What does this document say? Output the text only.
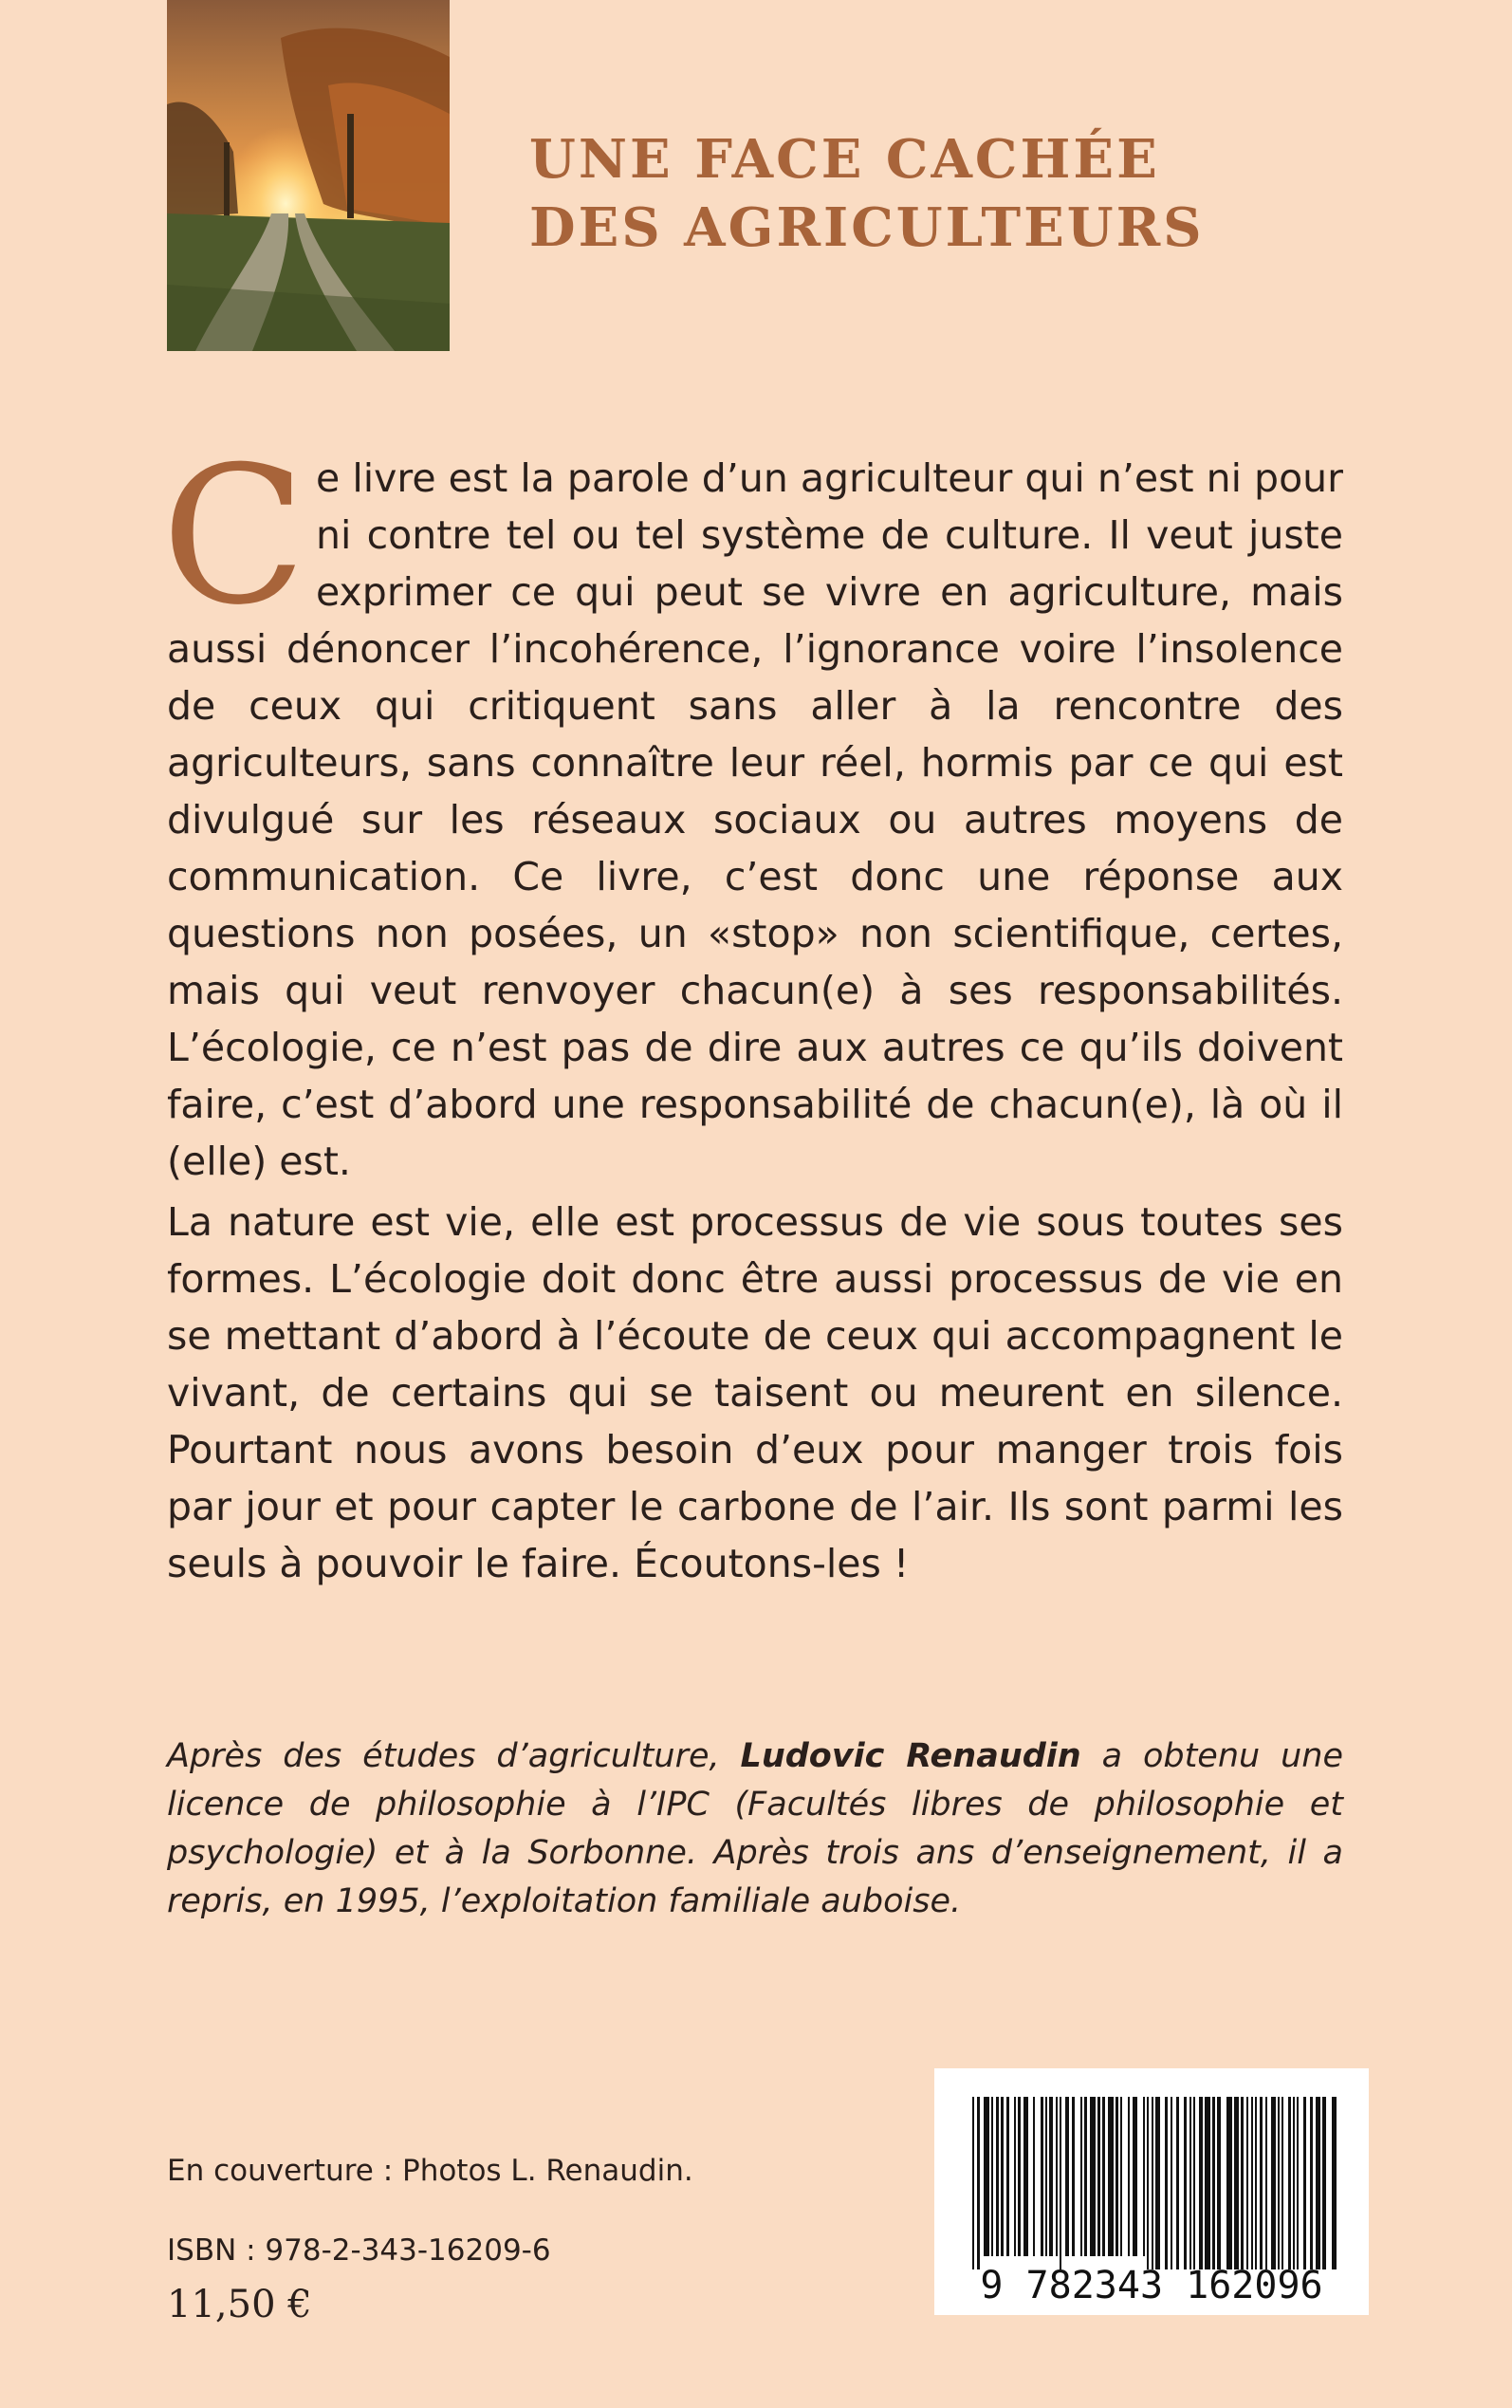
UNE FACE CACHÉE
DES AGRICULTEURS

Ce livre est la parole d’un agriculteur qui n’est ni pour ni contre tel ou tel système de culture. Il veut juste exprimer ce qui peut se vivre en agriculture, mais aussi dénoncer l’incohérence, l’ignorance voire l’insolence de ceux qui critiquent sans aller à la rencontre des agriculteurs, sans connaître leur réel, hormis par ce qui est divulgué sur les réseaux sociaux ou autres moyens de communication. Ce livre, c’est donc une réponse aux questions non posées, un «stop» non scientifique, certes, mais qui veut renvoyer chacun(e) à ses responsabilités. L’écologie, ce n’est pas de dire aux autres ce qu’ils doivent faire, c’est d’abord une responsabilité de chacun(e), là où il (elle) est.

La nature est vie, elle est processus de vie sous toutes ses formes. L’écologie doit donc être aussi processus de vie en se mettant d’abord à l’écoute de ceux qui accompagnent le vivant, de certains qui se taisent ou meurent en silence. Pourtant nous avons besoin d’eux pour manger trois fois par jour et pour capter le carbone de l’air. Ils sont parmi les seuls à pouvoir le faire. Écoutons-les !

Après des études d’agriculture, Ludovic Renaudin a obtenu une licence de philosophie à l’IPC (Facultés libres de philosophie et psychologie) et à la Sorbonne. Après trois ans d’enseignement, il a repris, en 1995, l’exploitation familiale auboise.

En couverture : Photos L. Renaudin.

ISBN : 978-2-343-16209-6

11,50 €	9 782343 162096
